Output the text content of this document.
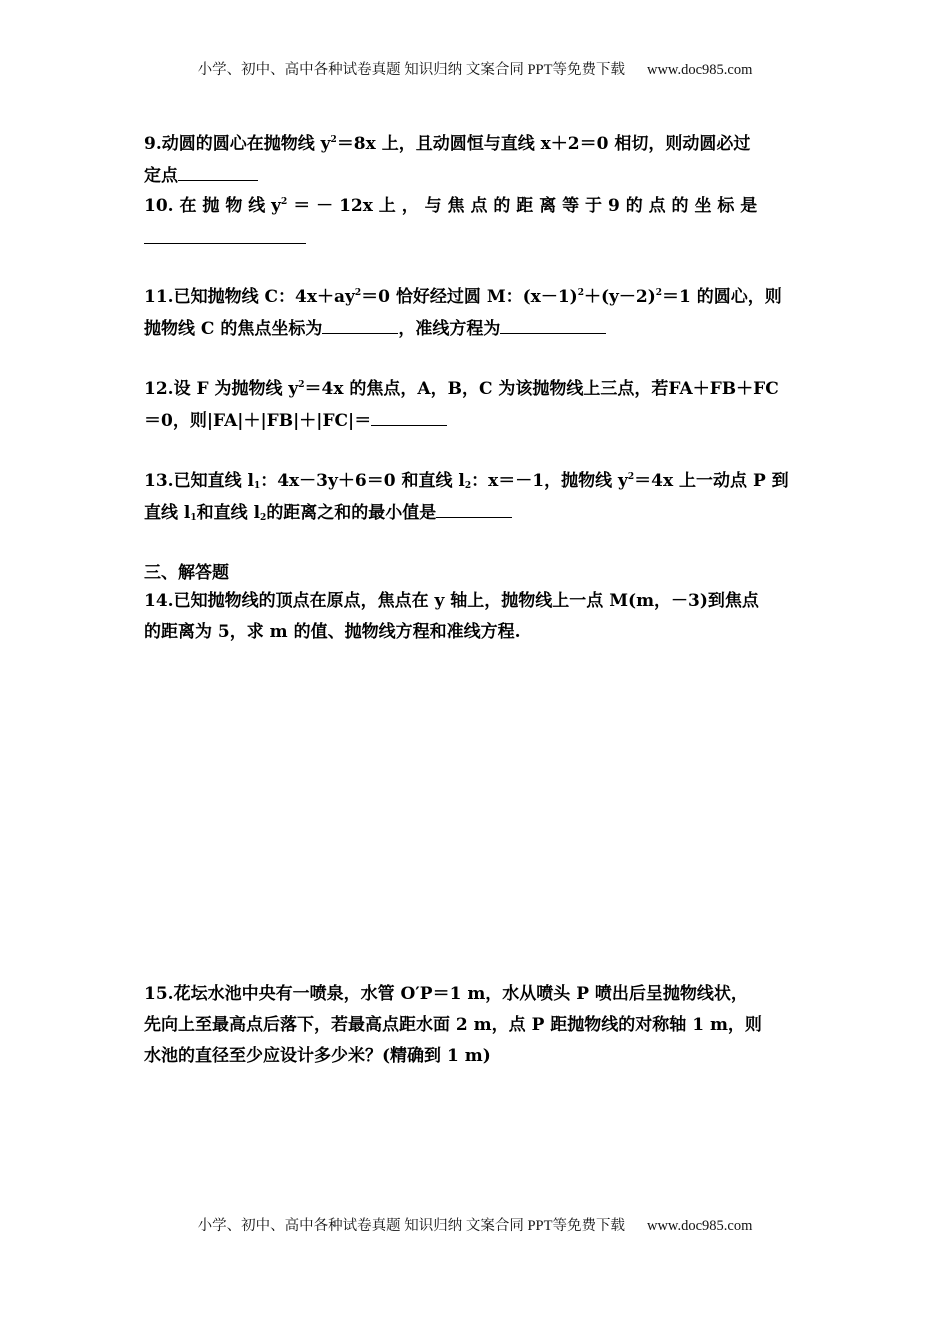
小学、初中、高中各种试卷真题 知识归纳 文案合同 PPT等免费下载 www.doc985.com
9.动圆的圆心在抛物线 $y^2=8x$ 上，且动圆恒与直线 x＋2＝0 相切，则动圆必过
定点
10. 在 抛 物 线 $y^2$ ＝ － 12x 上 ， 与 焦 点 的 距 离 等 于 9 的 点 的 坐 标 是
11.已知抛物线 C：$4x+ay^2=0$ 恰好经过圆 M：$(x-1)^2+(y-2)^2=1$ 的圆心，则
抛物线 C 的焦点坐标为	，准线方程为
12.设 F 为抛物线 $y^2=4x$ 的焦点，A，B，C 为该抛物线上三点，若FA＋FB＋FC
＝0，则|FA|＋|FB|＋|FC|＝
13.已知直线 $l_1$：4x－3y＋6＝0 和直线 $l_2$：x＝－1，抛物线 $y^2=4x$ 上一动点 P 到
直线 $l_1$和直线 $l_2$的距离之和的最小值是
三、解答题
14.已知抛物线的顶点在原点，焦点在 y 轴上，抛物线上一点 M(m，－3)到焦点
的距离为 5，求 m 的值、抛物线方程和准线方程.
15.花坛水池中央有一喷泉，水管 O′P＝1 m，水从喷头 P 喷出后呈抛物线状，
先向上至最高点后落下，若最高点距水面 2 m，点 P 距抛物线的对称轴 1 m，则
水池的直径至少应设计多少米？(精确到 1 m)
小学、初中、高中各种试卷真题 知识归纳 文案合同 PPT等免费下载 www.doc985.com
